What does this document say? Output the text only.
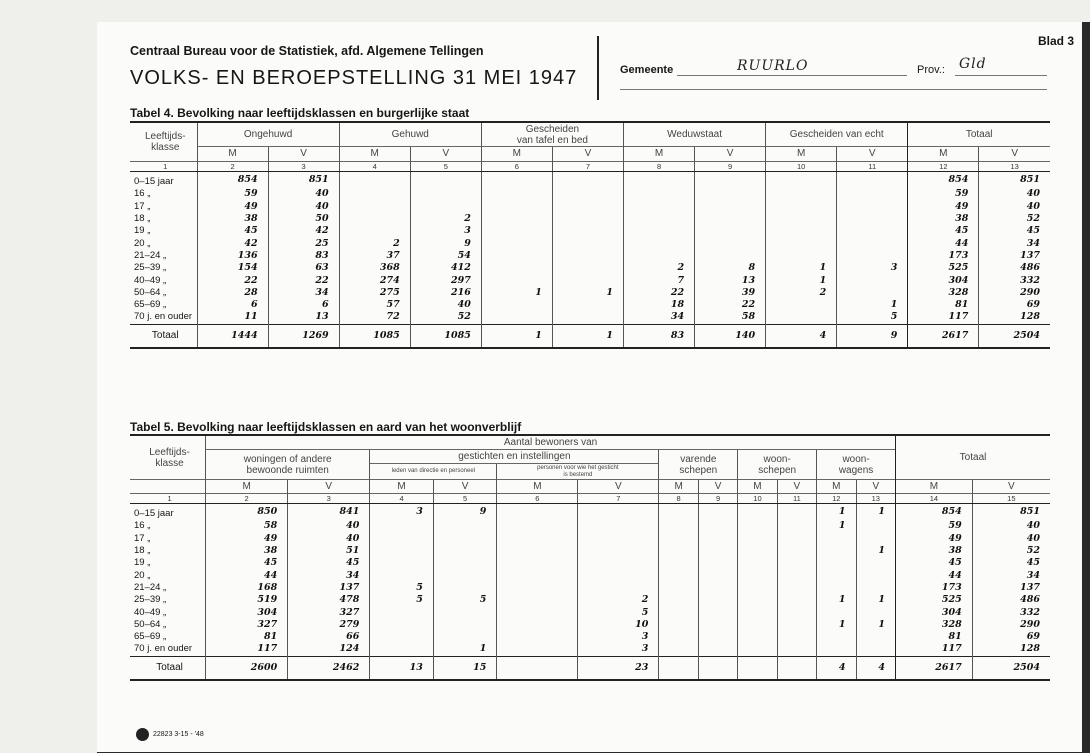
Centraal Bureau voor de Statistiek, afd. Algemene Tellingen
VOLKS- EN BEROEPSTELLING 31 MEI 1947
Blad 3
Gemeente	RUURLO	Prov.: Gld
Tabel 4. Bevolking naar leeftijdsklassen en burgerlijke staat
Leeftijds-
klasse	Ongehuwd		Gehuwd		Gescheiden
van tafel en bed		Weduwstaat		Gescheiden van echt		Totaal	
	M	V	M	V	M	V	M	V	M	V	M	V
1	2	3	4	5	6	7	8	9	10	11	12	13
0–15 jaar	854	851									854	851
16 „	59	40									59	40
17 „	49	40									49	40
18 „	38	50		2							38	52
19 „	45	42		3							45	45
20 „	42	25	2	9							44	34
21–24 „	136	83	37	54							173	137
25–39 „	154	63	368	412			2	8	1	3	525	486
40–49 „	22	22	274	297			7	13	1		304	332
50–64 „	28	34	275	216	1	1	22	39	2		328	290
65–69 „	6	6	57	40			18	22		1	81	69
70 j. en ouder	11	13	72	52			34	58		5	117	128
Totaal	1444	1269	1085	1085	1	1	83	140	4	9	2617	2504
Tabel 5. Bevolking naar leeftijdsklassen en aard van het woonverblijf
Leeftijds-
klasse	Aantal bewoners van												Totaal	
	woningen of andere
bewoonde ruimten		gestichten en instellingen				varende
schepen		woon-
schepen		woon-
wagens			
			leden van directie en personeel		personen voor wie het gesticht
is bestemd									
	M	V	M	V	M	V	M	V	M	V	M	V	M	V
1	2	3	4	5	6	7	8	9	10	11	12	13	14	15
0–15 jaar	850	841	3	9							1	1	854	851
16 „	58	40									1		59	40
17 „	49	40											49	40
18 „	38	51										1	38	52
19 „	45	45											45	45
20 „	44	34											44	34
21–24 „	168	137	5										173	137
25–39 „	519	478	5	5		2					1	1	525	486
40–49 „	304	327				5							304	332
50–64 „	327	279				10					1	1	328	290
65–69 „	81	66				3							81	69
70 j. en ouder	117	124		1		3							117	128
Totaal	2600	2462	13	15		23					4	4	2617	2504
22823 3-15 - '48
